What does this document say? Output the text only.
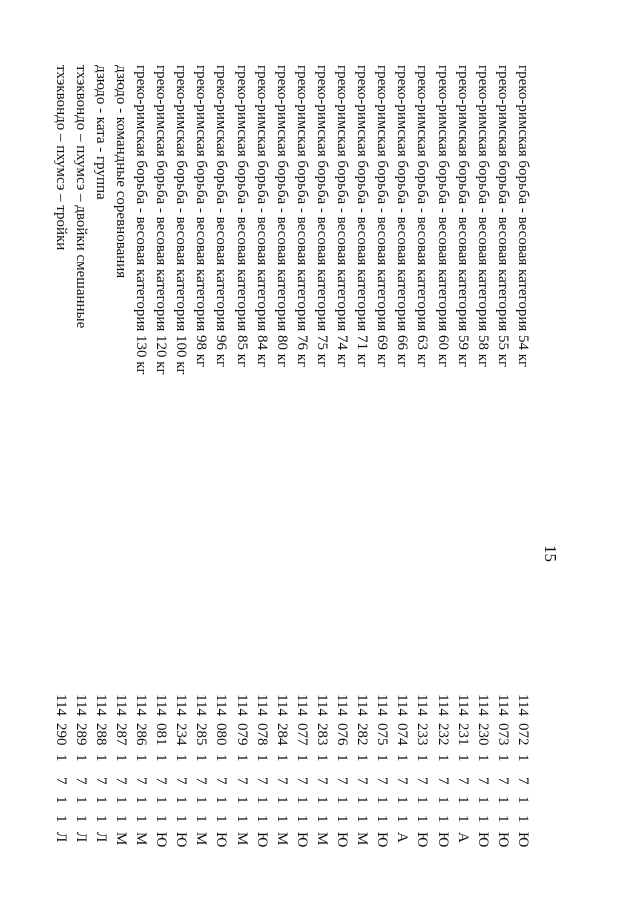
15
греко-римская борьба - весовая категория 54 кг
114
072
1
7
1
1
Ю
греко-римская борьба - весовая категория 55 кг
114
073
1
7
1
1
Ю
греко-римская борьба - весовая категория 58 кг
114
230
1
7
1
1
Ю
греко-римская борьба - весовая категория 59 кг
114
231
1
7
1
1
А
греко-римская борьба - весовая категория 60 кг
114
232
1
7
1
1
Ю
греко-римская борьба - весовая категория 63 кг
114
233
1
7
1
1
Ю
греко-римская борьба - весовая категория 66 кг
114
074
1
7
1
1
А
греко-римская борьба - весовая категория 69 кг
114
075
1
7
1
1
Ю
греко-римская борьба - весовая категория 71 кг
114
282
1
7
1
1
М
греко-римская борьба - весовая категория 74 кг
114
076
1
7
1
1
Ю
греко-римская борьба - весовая категория 75 кг
114
283
1
7
1
1
М
греко-римская борьба - весовая категория 76 кг
114
077
1
7
1
1
Ю
греко-римская борьба - весовая категория 80 кг
114
284
1
7
1
1
М
греко-римская борьба - весовая категория 84 кг
114
078
1
7
1
1
Ю
греко-римская борьба - весовая категория 85 кг
114
079
1
7
1
1
М
греко-римская борьба - весовая категория 96 кг
114
080
1
7
1
1
Ю
греко-римская борьба - весовая категория 98 кг
114
285
1
7
1
1
М
греко-римская борьба - весовая категория 100 кг
114
234
1
7
1
1
Ю
греко-римская борьба - весовая категория 120 кг
114
081
1
7
1
1
Ю
греко-римская борьба - весовая категория 130 кг
114
286
1
7
1
1
М
дзюдо - командные соревнования
114
287
1
7
1
1
М
дзюдо - ката - группа
114
288
1
7
1
1
Л
тхэквондо – пхумсэ – двойки смешанные
114
289
1
7
1
1
Л
тхэквондо – пхумсэ – тройки
114
290
1
7
1
1
Л
